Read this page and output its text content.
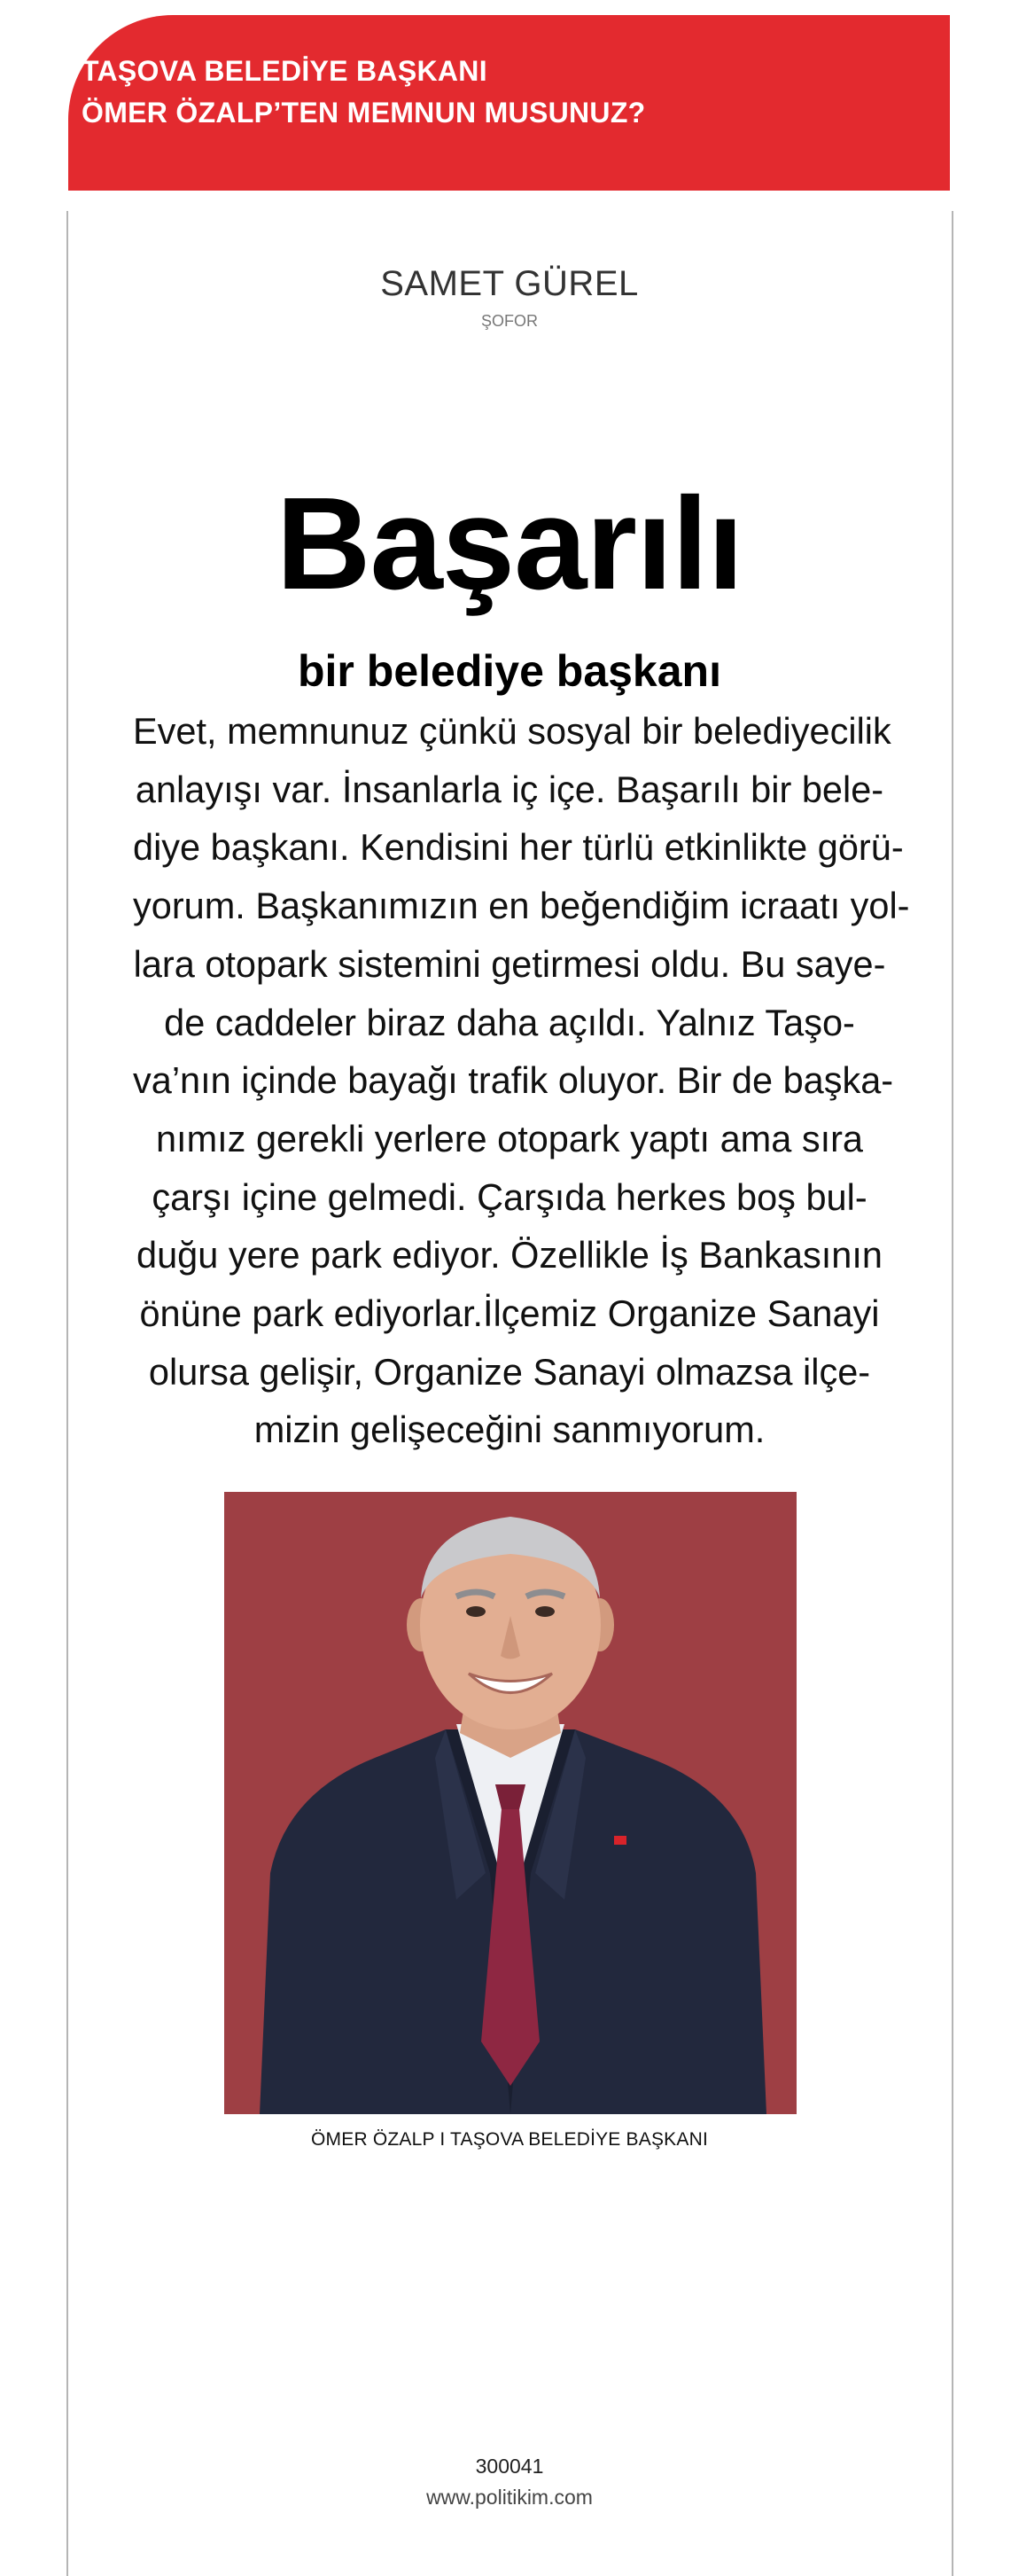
TAŞOVA BELEDİYE BAŞKANI
ÖMER ÖZALP’TEN MEMNUN MUSUNUZ?
SAMET GÜREL
ŞOFOR
Başarılı
bir belediye başkanı

Evet, memnunuz çünkü sosyal bir belediyecilik
anlayışı var. İnsanlarla iç içe. Başarılı bir bele-
diye başkanı. Kendisini her türlü etkinlikte görü-
yorum. Başkanımızın en beğendiğim icraatı yol-
lara otopark sistemini getirmesi oldu. Bu saye-
de caddeler biraz daha açıldı. Yalnız Taşo-
va’nın içinde bayağı trafik oluyor. Bir de başka-
nımız gerekli yerlere otopark yaptı ama sıra
çarşı içine gelmedi. Çarşıda herkes boş bul-
duğu yere park ediyor. Özellikle İş Bankasının
önüne park ediyorlar.İlçemiz Organize Sanayi
olursa gelişir, Organize Sanayi olmazsa ilçe-
mizin gelişeceğini sanmıyorum.

ÖMER ÖZALP I TAŞOVA BELEDİYE BAŞKANI
300041
www.politikim.com
